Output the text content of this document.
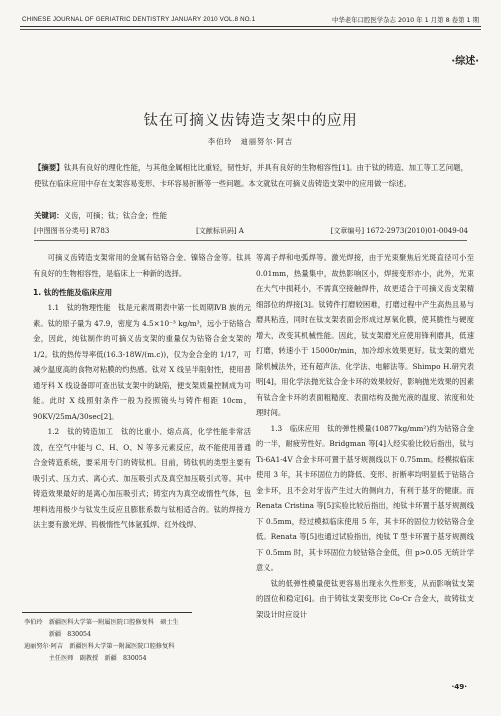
CHINESE JOURNAL OF GERIATRIC DENTISTRY JANUARY 2010 VOL.8 NO.1	中华老年口腔医学杂志 2010 年 1 月第 8 卷第 1 期
·综述·
钛在可摘义齿铸造支架中的应用
李伯玲　迪丽努尔·阿吉
【摘要】钛具有良好的理化性能，与其他金属相比比重轻，韧性好，并具有良好的生物相容性[1]。由于钛的铸造、加工等工艺问题，使钛在临床应用中存在支架容易变形、卡环容易折断等一些问题。本文就钛在可摘义齿铸造支架中的应用做一综述。
关键词：义齿，可摘；钛；钛合金；性能
[中图图书分类号] R783	[文献标识码] A	[文章编号] 1672-2973(2010)01-0049-04

可摘义齿铸造支架常用的金属有钴铬合金、镍铬合金等。钛具有良好的生物相容性，是临床上一种新的选择。

1. 钛的性能及临床应用

1.1　钛的物理性能　钛是元素周期表中第一长周期ⅣB 族的元素。钛的原子量为 47.9，密度为 4.5×10⁻³ kg/m³，远小于钴铬合金，因此，纯钛制作的可摘义齿支架的重量仅为钴铬合金支架的 1/2。钛的热传导率低(16.3-18W/(m.c))，仅为金合金的 1/17，可减少温度高的食物对粘膜的灼热感。钛对 X 线呈半阻射性，使用普通牙科 X 线设备即可查出钛支架中的缺陷，便支架质量控制成为可能。此时 X 线照射条件一般为投照镜头与铸件相距 10cm，90KV/25mA/30sec[2]。

1.2　钛的铸造加工　钛的比重小、熔点高，化学性能非常活泼，在空气中能与 C、H、O、N 等多元素反应，故不能使用普通合金铸造系统，要采用专门的铸钛机。目前，铸钛机的类型主要有吸引式、压力式、离心式、加压吸引式及真空加压吸引式等。其中铸造效果最好的是离心加压吸引式；铸室内为真空或惰性气体，包埋料选用极少与钛发生反应且膨胀系数与钛相适合的。钛的焊接方法主要有激光焊、钨极惰性气体氩弧焊、红外线焊、

等离子焊和电弧焊等。激光焊接，由于光束聚焦后光斑直径可小至 0.01mm，热量集中，故热影响区小，焊接变形亦小，此外，光束在大气中损耗小，不需真空接触焊件，故更适合于可摘义齿支架精细部位的焊接[3]。钛铸件打磨较困难，打磨过程中产生高热且易与磨具粘连，同时在钛支架表面会形成过厚氧化膜，使其脆性与硬度增大，改变其机械性能。因此，钛支架磨光应使用锋利磨具，低速打磨，转速小于 15000r/min，加冷却水效果更好。钛支架的磨光除机械法外，还有超声法、化学法、电解法等。Shimpo H.研究表明[4]，用化学法抛光钛合金卡环的效果较好，影响抛光效果的因素有钛合金卡环的表面粗糙度、表面结构及抛光液的温度、浓度和处理时间。

1.3　临床应用　钛的弹性模量(10877kg/mm²)约为钴铬合金的一半，耐疲劳性好。Bridgman 等[4]人经实验比较后指出，钛与 Ti-6A1-4V 合金卡环可置于基牙规测线以下 0.75mm。经模拟临床使用 3 年，其卡环固位力的降低、变形、折断率均明显低于钴铬合金卡环，且不会对牙齿产生过大的侧向力，有利于基牙的健康。而 Renata Cristina 等[5]实验比较后指出，纯钛卡环置于基牙规测线下 0.5mm，经过模拟临床使用 5 年，其卡环的固位力较钴铬合金低。Renata 等[5]也通过试验指出，纯钛 T 型卡环置于基牙规测线下 0.5mm 时，其卡环固位力较钴铬合金低，但 p>0.05 无统计学意义。

钛的低弹性模量使钛更容易出现永久性形变，从而影响钛支架的固位和稳定[6]。由于铸钛支架变形比 Co-Cr 合金大，故铸钛支架设计时应设计

李伯玲　新疆医科大学第一附属医院口腔修复科　硕士生
　　　　新疆　830054
迪丽努尔·阿吉　新疆医科大学第一附属医院口腔修复科
　　　　主任医师　副教授　新疆　830054
·49·
